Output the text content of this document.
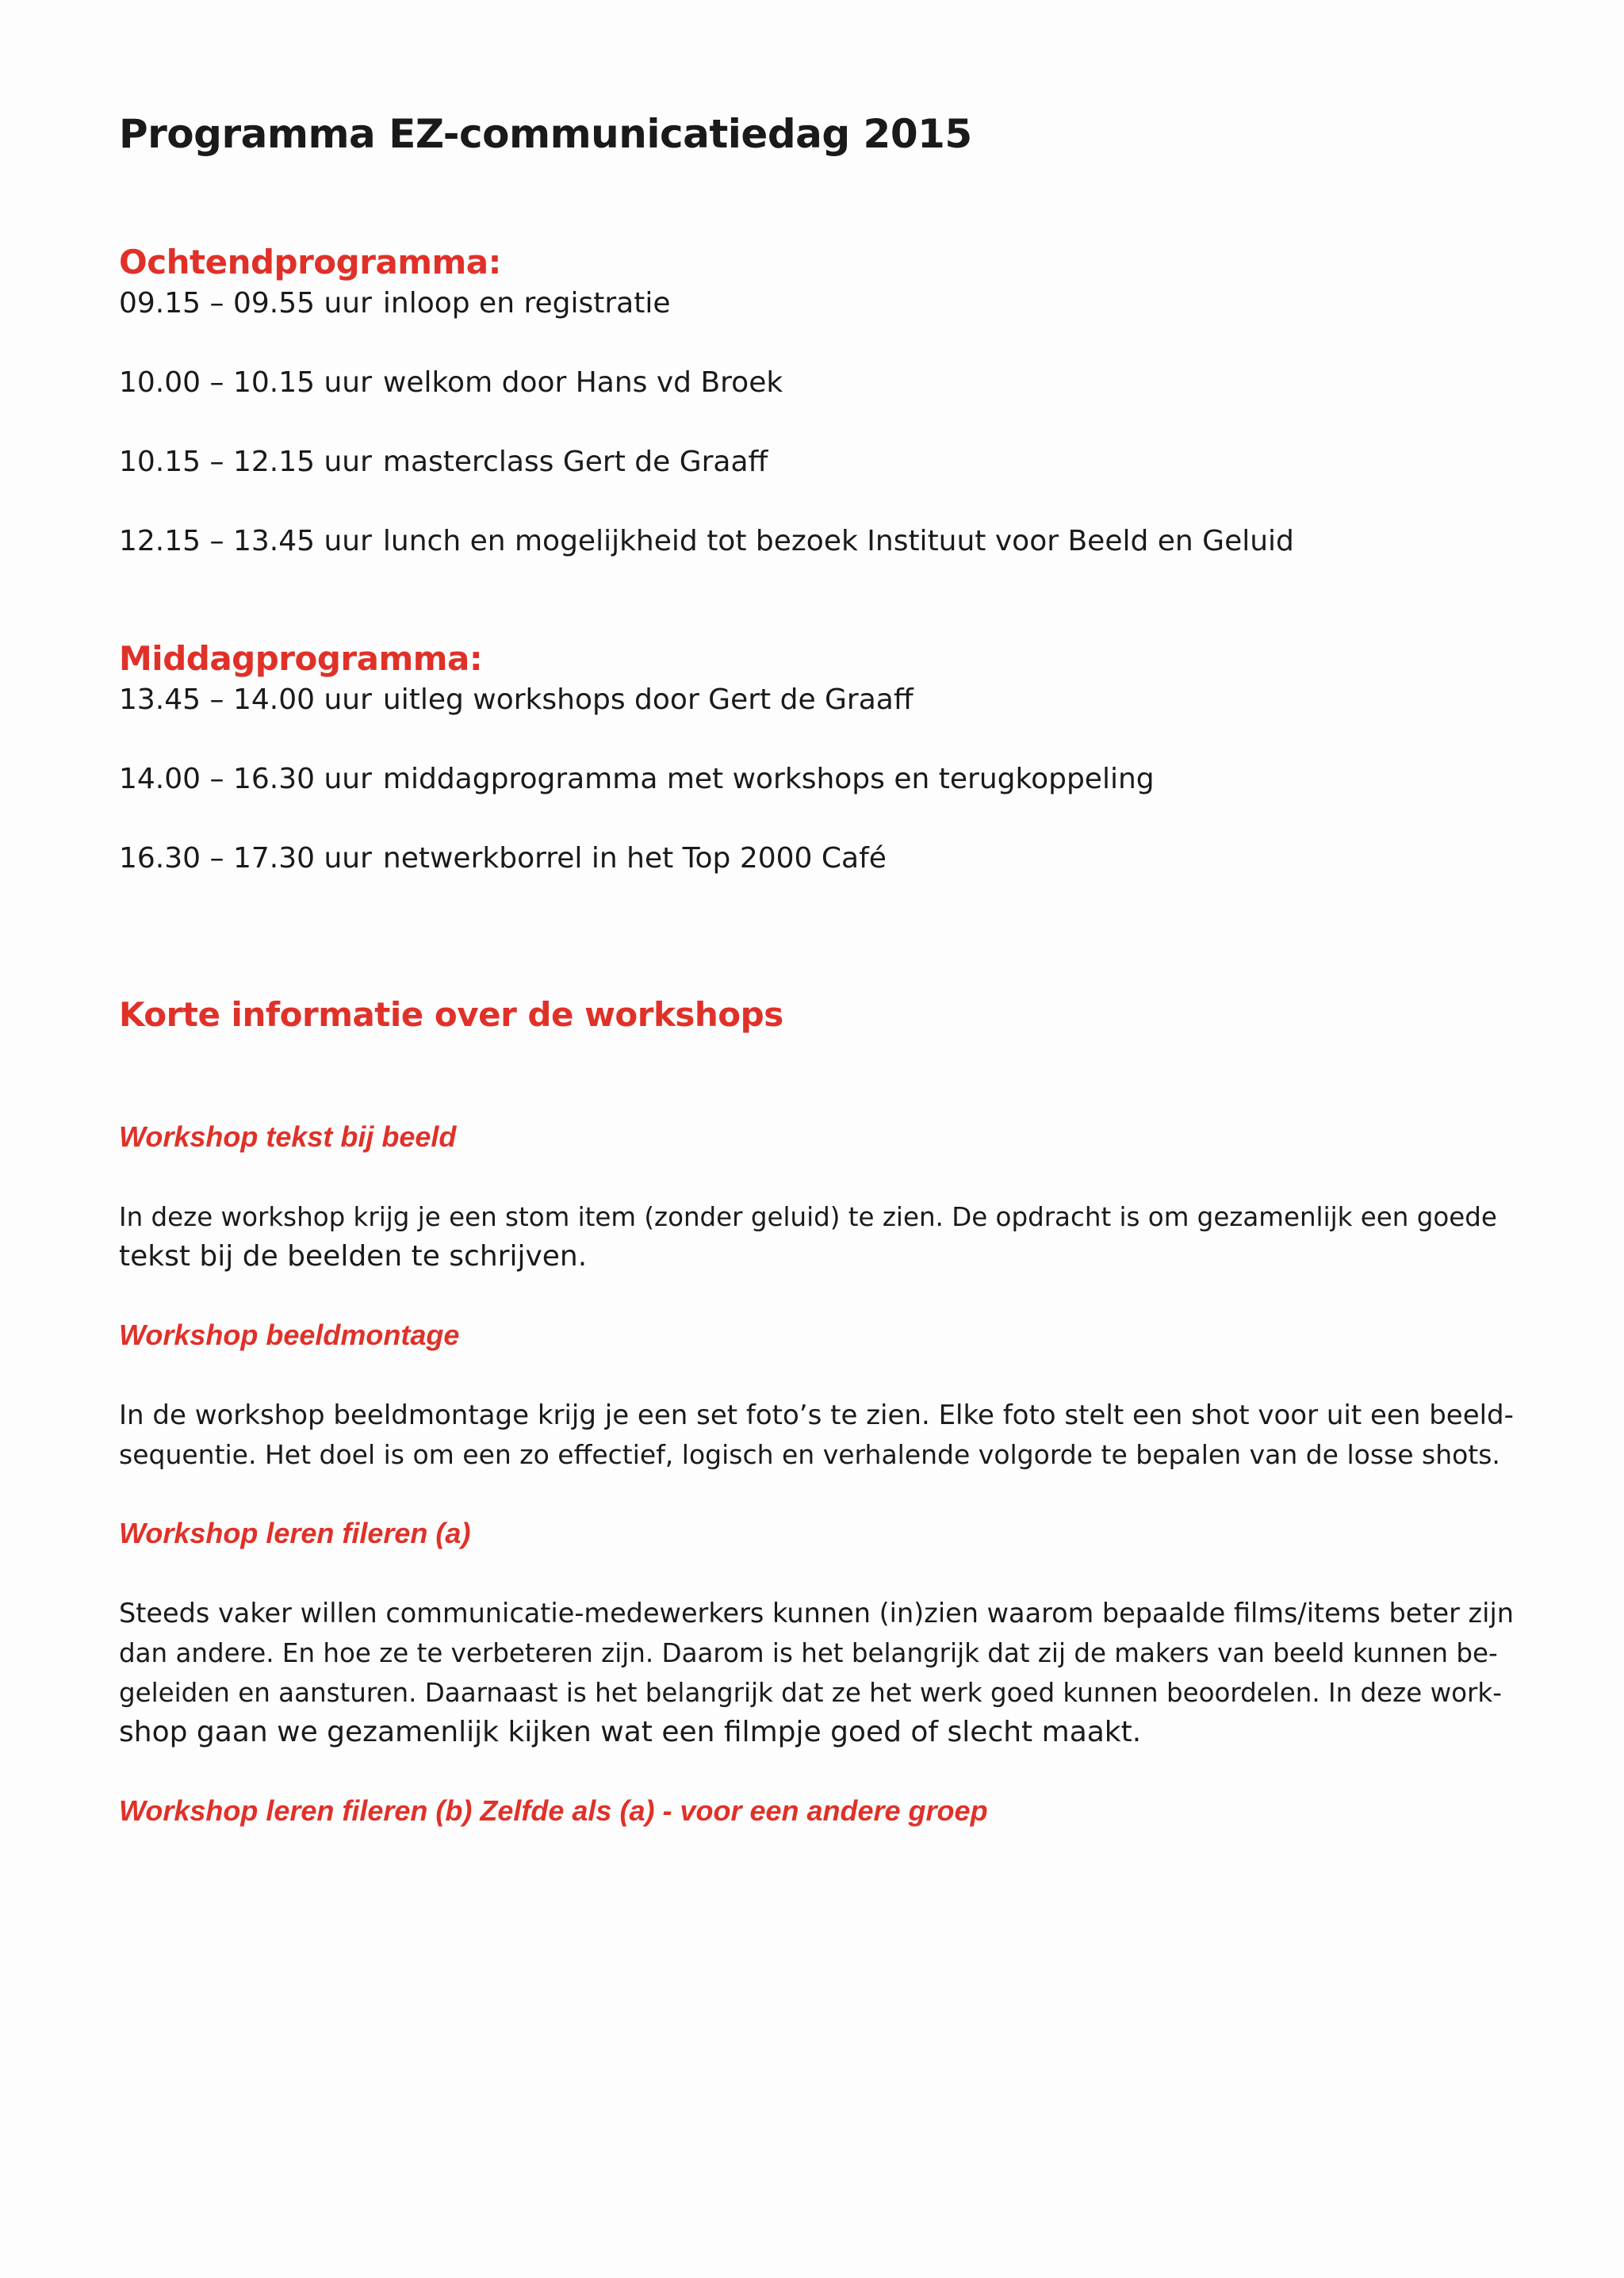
Programma EZ-communicatiedag 2015
Ochtendprogramma:

09.15 – 09.55 uur inloop en registratie

10.00 – 10.15 uur welkom door Hans vd Broek

10.15 – 12.15 uur masterclass Gert de Graaff

12.15 – 13.45 uur lunch en mogelijkheid tot bezoek Instituut voor Beeld en Geluid

Middagprogramma:

13.45 – 14.00 uur uitleg workshops door Gert de Graaff

14.00 – 16.30 uur middagprogramma met workshops en terugkoppeling

16.30 – 17.30 uur netwerkborrel in het Top 2000 Café

Korte informatie over de workshops
Workshop tekst bij beeld
In deze workshop krijg je een stom item (zonder geluid) te zien. De opdracht is om gezamenlijk een goede
tekst bij de beelden te schrijven.
Workshop beeldmontage
In de workshop beeldmontage krijg je een set foto’s te zien. Elke foto stelt een shot voor uit een beeld-
sequentie. Het doel is om een zo effectief, logisch en verhalende volgorde te bepalen van de losse shots.
Workshop leren fileren (a)
Steeds vaker willen communicatie-medewerkers kunnen (in)zien waarom bepaalde films/items beter zijn
dan andere. En hoe ze te verbeteren zijn. Daarom is het belangrijk dat zij de makers van beeld kunnen be-
geleiden en aansturen. Daarnaast is het belangrijk dat ze het werk goed kunnen beoordelen. In deze work-
shop gaan we gezamenlijk kijken wat een filmpje goed of slecht maakt.
Workshop leren fileren (b) Zelfde als (a) - voor een andere groep
